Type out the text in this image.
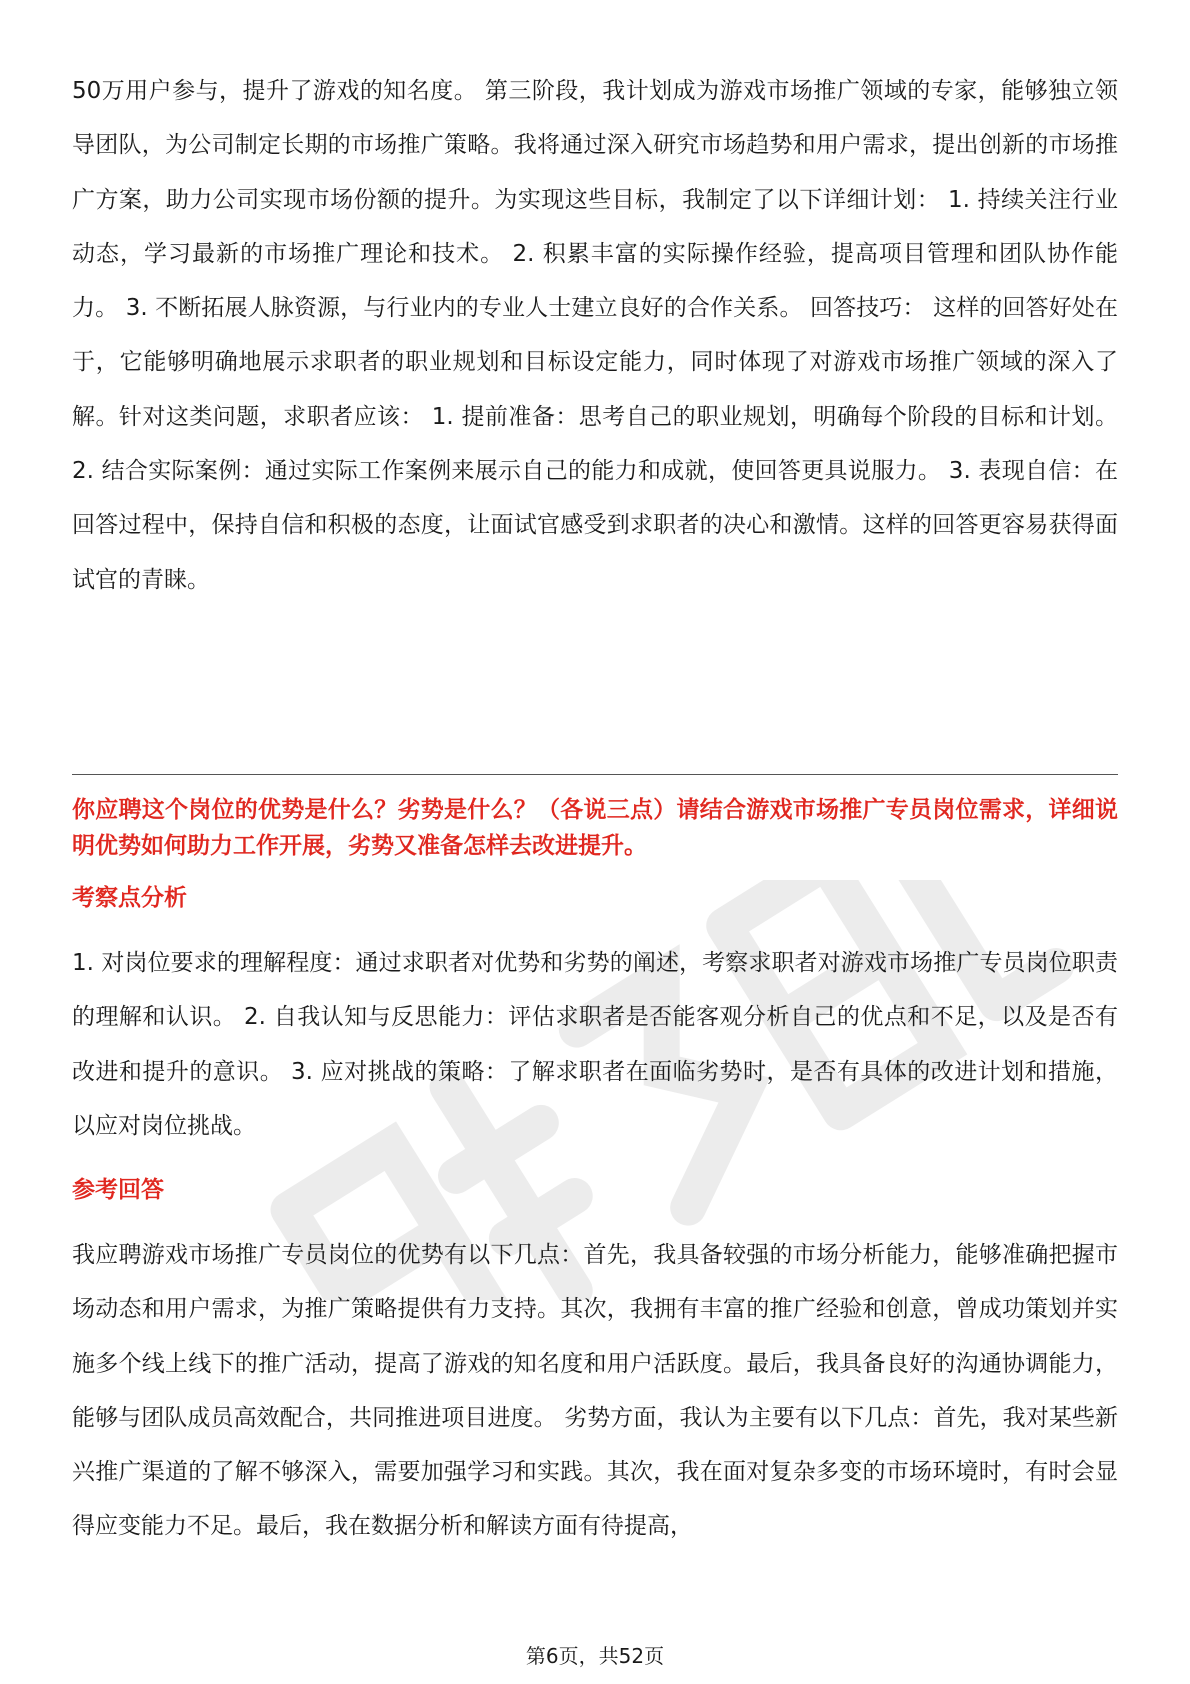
50万用户参与，提升了游戏的知名度。 第三阶段，我计划成为游戏市场推广领域的专家，能够独立领导团队，为公司制定长期的市场推广策略。我将通过深入研究市场趋势和用户需求，提出创新的市场推广方案，助力公司实现市场份额的提升。为实现这些目标，我制定了以下详细计划： 1. 持续关注行业动态，学习最新的市场推广理论和技术。 2. 积累丰富的实际操作经验，提高项目管理和团队协作能力。 3. 不断拓展人脉资源，与行业内的专业人士建立良好的合作关系。 回答技巧： 这样的回答好处在于，它能够明确地展示求职者的职业规划和目标设定能力，同时体现了对游戏市场推广领域的深入了解。针对这类问题，求职者应该： 1. 提前准备：思考自己的职业规划，明确每个阶段的目标和计划。 2. 结合实际案例：通过实际工作案例来展示自己的能力和成就，使回答更具说服力。 3. 表现自信：在回答过程中，保持自信和积极的态度，让面试官感受到求职者的决心和激情。这样的回答更容易获得面试官的青睐。

你应聘这个岗位的优势是什么？劣势是什么？（各说三点）请结合游戏市场推广专员岗位需求，详细说明优势如何助力工作开展，劣势又准备怎样去改进提升。

考察点分析

1. 对岗位要求的理解程度：通过求职者对优势和劣势的阐述，考察求职者对游戏市场推广专员岗位职责的理解和认识。 2. 自我认知与反思能力：评估求职者是否能客观分析自己的优点和不足，以及是否有改进和提升的意识。 3. 应对挑战的策略：了解求职者在面临劣势时，是否有具体的改进计划和措施，以应对岗位挑战。

参考回答

我应聘游戏市场推广专员岗位的优势有以下几点：首先，我具备较强的市场分析能力，能够准确把握市场动态和用户需求，为推广策略提供有力支持。其次，我拥有丰富的推广经验和创意，曾成功策划并实施多个线上线下的推广活动，提高了游戏的知名度和用户活跃度。最后，我具备良好的沟通协调能力，能够与团队成员高效配合，共同推进项目进度。 劣势方面，我认为主要有以下几点：首先，我对某些新兴推广渠道的了解不够深入，需要加强学习和实践。其次，我在面对复杂多变的市场环境时，有时会显得应变能力不足。最后，我在数据分析和解读方面有待提高，

第6页，共52页
